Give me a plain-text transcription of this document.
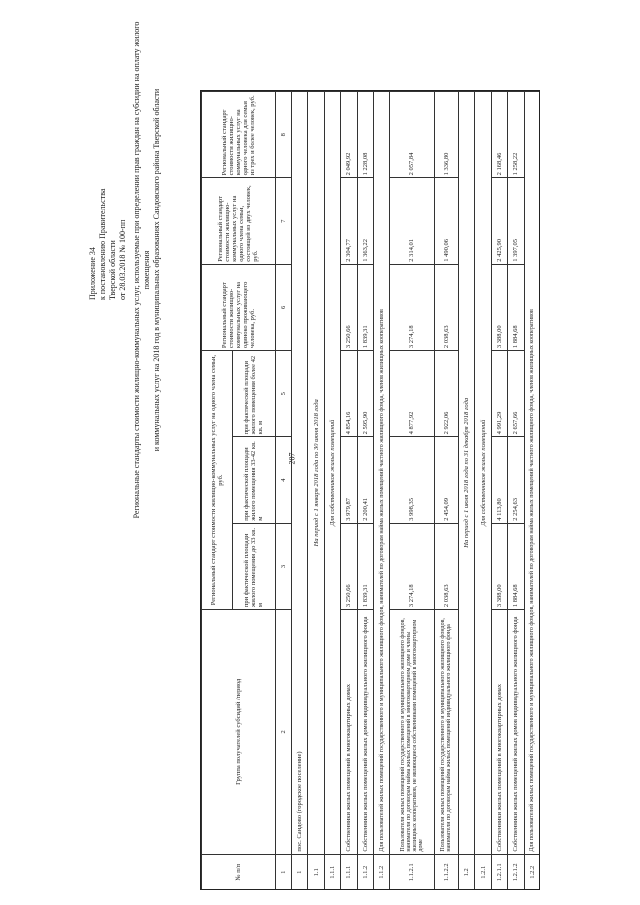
207
Приложение 34 к постановлению Правительства Тверской области от 28.03.2018 № 100-пп Региональные стандарты стоимости жилищно-коммунальных услуг, используемые при определении прав граждан на субсидии на оплату жилого помещения и коммунальных услуг на 2018 год в муниципальных образованиях Сандовского района Тверской области
№ п/п	Группа получателей субсидий /период	Региональный стандарт стоимости жилищно-коммунальных услуг на одного члена семьи, руб.			Региональный стандарт стоимости жилищно-коммунальных услуг на одиноко проживающего человека, руб.	Региональный стандарт стоимости жилищно-коммунальных услуг на одного члена семьи, состоящей из двух человек, руб.	Региональный стандарт стоимости жилищно-коммунальных услуг на одного человека для семьи из трех и более человек, руб.
		при фактической площади жилого помещения до 33 кв. м	при фактической площади жилого помещения 33-42 кв. м	при фактической площади жилого помещения более 42 кв. м			
1	2	3	4	5	6	7	8
1	пос. Сандово (городское поселение)						
1.1	На период с 1 января 2018 года по 30 июня 2018 года						
1.1.1	Для собственников жилых помещений						
1.1.1	Собственники жилых помещений в многоквартирных домах	3 250,66	3 979,87	4 854,16	3 250,66	2 304,77	2 049,92
1.1.2	Собственники жилых помещений жилых домов индивидуального жилищного фонда	1 839,31	2 200,41	2 595,90	1 839,31	1 363,22	1 228,08
1.1.2	Для пользователей жилых помещений государственного и муниципального жилищного фондов, нанимателей по договорам найма жилых помещений частного жилищного фонда, членов жилищных кооперативов						
1.1.2.1	Пользователи жилых помещений государственного и муниципального жилищного фондов, наниматели по договорам найма жилых помещений в многоквартирном доме и члены жилищных кооперативов, не являющиеся собственниками помещений в многоквартирном доме	3 274,18	3 998,35	4 877,92	3 274,18	2 314,01	2 057,84
1.1.2.2	Пользователи жилых помещений государственного и муниципального жилищного фондов, наниматели по договорам найма жилых помещений индивидуального жилищного фонда	2 038,63	2 454,09	2 922,06	2 038,63	1 490,06	1 336,80
1.2	На период с 1 июля 2018 года по 31 декабря 2018 года						
1.2.1	Для собственников жилых помещений						
1.2.1.1	Собственники жилых помещений в многоквартирных домах	3 388,00	4 113,80	4 991,29	3 388,00	2 425,90	2 168,46
1.2.1.2	Собственники жилых помещений жилых домов индивидуального жилищного фонда	1 884,68	2 254,63	2 657,66	1 884,68	1 397,05	1 258,22
1.2.2	Для пользователей жилых помещений государственного и муниципального жилищного фондов, нанимателей по договорам найма жилых помещений частного жилищного фонда, членов жилищных кооперативов						
